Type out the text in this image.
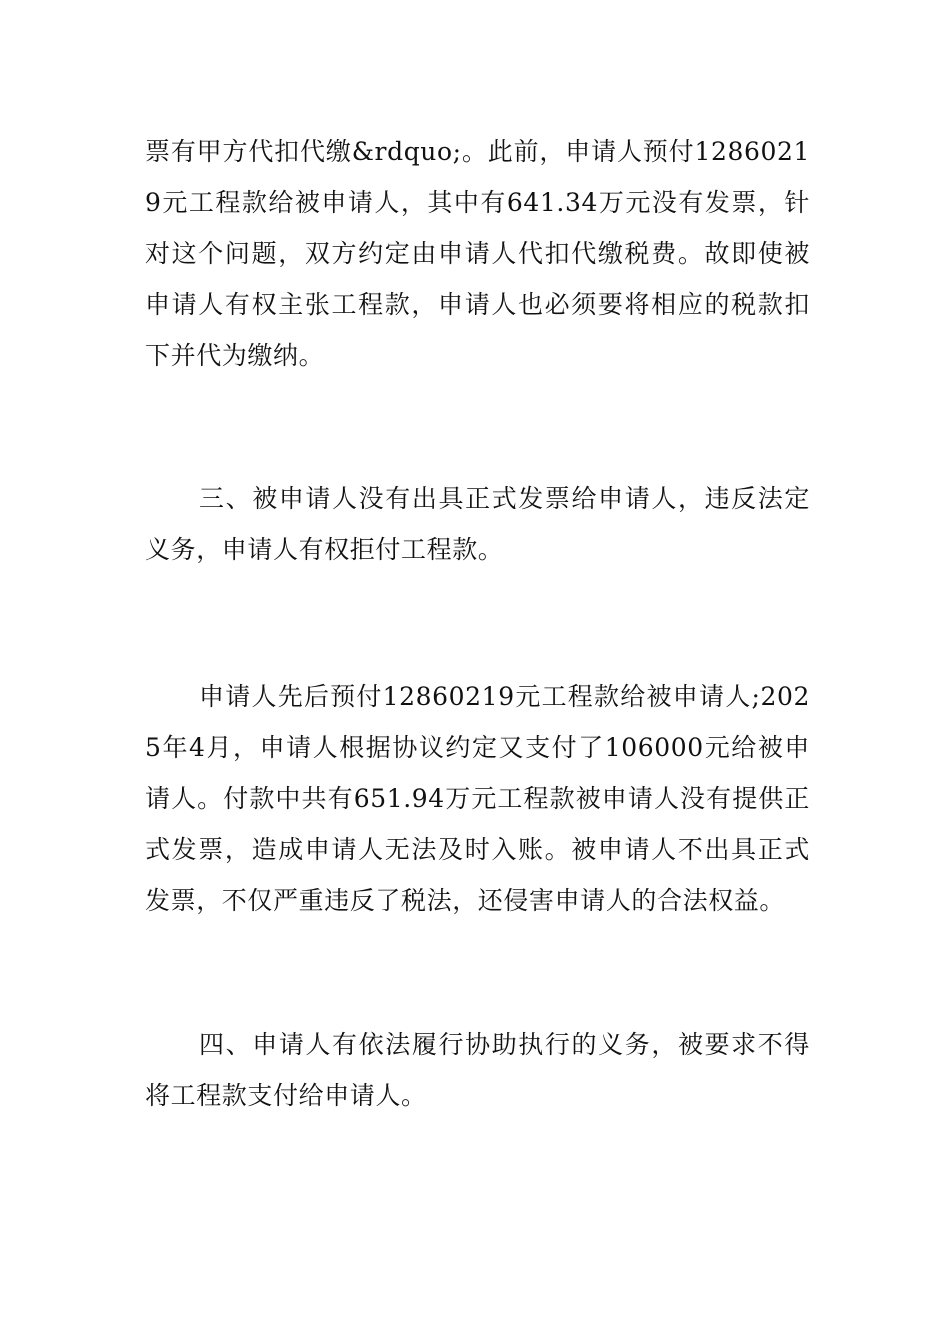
票有甲方代扣代缴&rdquo;。此前，申请人预付12860219元工程款给被申请人，其中有641.34万元没有发票，针对这个问题，双方约定由申请人代扣代缴税费。故即使被申请人有权主张工程款，申请人也必须要将相应的税款扣下并代为缴纳。

三、被申请人没有出具正式发票给申请人，违反法定义务，申请人有权拒付工程款。

申请人先后预付12860219元工程款给被申请人;2025年4月，申请人根据协议约定又支付了106000元给被申请人。付款中共有651.94万元工程款被申请人没有提供正式发票，造成申请人无法及时入账。被申请人不出具正式发票，不仅严重违反了税法，还侵害申请人的合法权益。

四、申请人有依法履行协助执行的义务，被要求不得将工程款支付给申请人。
